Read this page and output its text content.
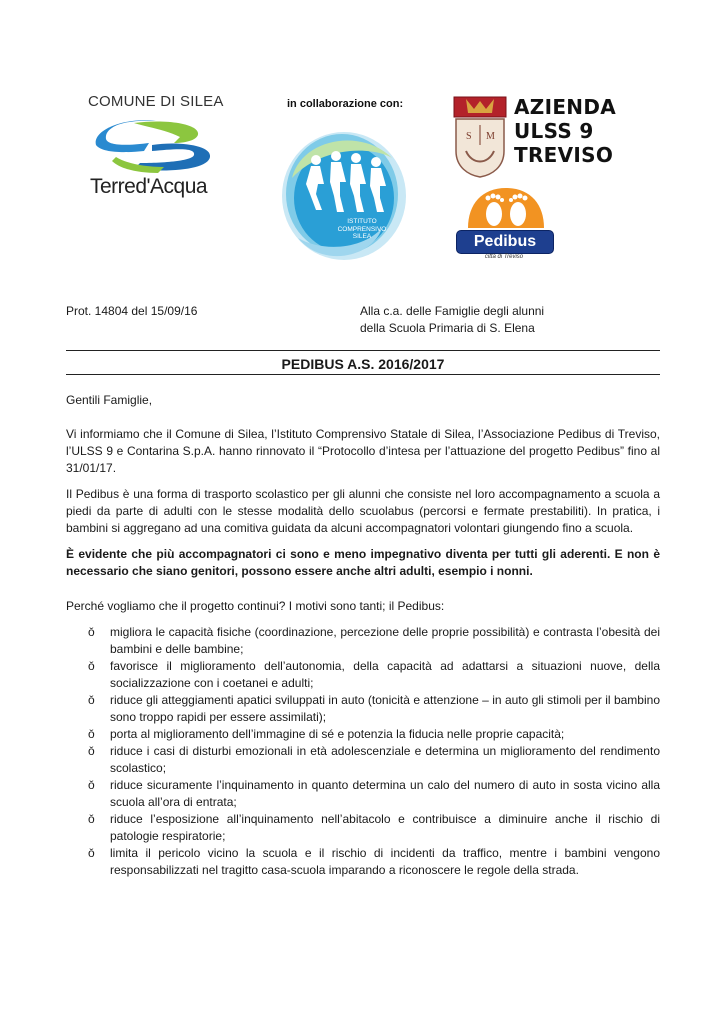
COMUNE DI SILEA
Terred'Acqua
in collaborazione con:
ISTITUTO
COMPRENSIVO
SILEA
S M
AZIENDA
ULSS 9
TREVISO
Pedibus
città di Treviso
Prot. 14804 del 15/09/16	Alla c.a. delle Famiglie degli alunni
della Scuola Primaria di S. Elena
PEDIBUS A.S. 2016/2017
Gentili Famiglie,
Vi informiamo che il Comune di Silea, l’Istituto Comprensivo Statale di Silea, l’Associazione Pedibus di Treviso, l’ULSS 9 e Contarina S.p.A. hanno rinnovato il “Protocollo d’intesa per l’attuazione del progetto Pedibus” fino al 31/01/17.
Il Pedibus è una forma di trasporto scolastico per gli alunni che consiste nel loro accompagnamento a scuola a piedi da parte di adulti con le stesse modalità dello scuolabus (percorsi e fermate prestabiliti). In pratica, i bambini si aggregano ad una comitiva guidata da alcuni accompagnatori volontari giungendo fino a scuola.
È evidente che più accompagnatori ci sono e meno impegnativo diventa per tutti gli aderenti. E non è necessario che siano genitori, possono essere anche altri adulti, esempio i nonni.
Perché vogliamo che il progetto continui? I motivi sono tanti; il Pedibus:
ǒ migliora le capacità fisiche (coordinazione, percezione delle proprie possibilità) e contrasta l’obesità dei bambini e delle bambine;
ǒ favorisce il miglioramento dell’autonomia, della capacità ad adattarsi a situazioni nuove, della socializzazione con i coetanei e adulti;
ǒ riduce gli atteggiamenti apatici sviluppati in auto (tonicità e attenzione – in auto gli stimoli per il bambino sono troppo rapidi per essere assimilati);
ǒ porta al miglioramento dell’immagine di sé e potenzia la fiducia nelle proprie capacità;
ǒ riduce i casi di disturbi emozionali in età adolescenziale e determina un miglioramento del rendimento scolastico;
ǒ riduce sicuramente l’inquinamento in quanto determina un calo del numero di auto in sosta vicino alla scuola all’ora di entrata;
ǒ riduce l’esposizione all’inquinamento nell’abitacolo e contribuisce a diminuire anche il rischio di patologie respiratorie;
ǒ limita il pericolo vicino la scuola e il rischio di incidenti da traffico, mentre i bambini vengono responsabilizzati nel tragitto casa-scuola imparando a riconoscere le regole della strada.
